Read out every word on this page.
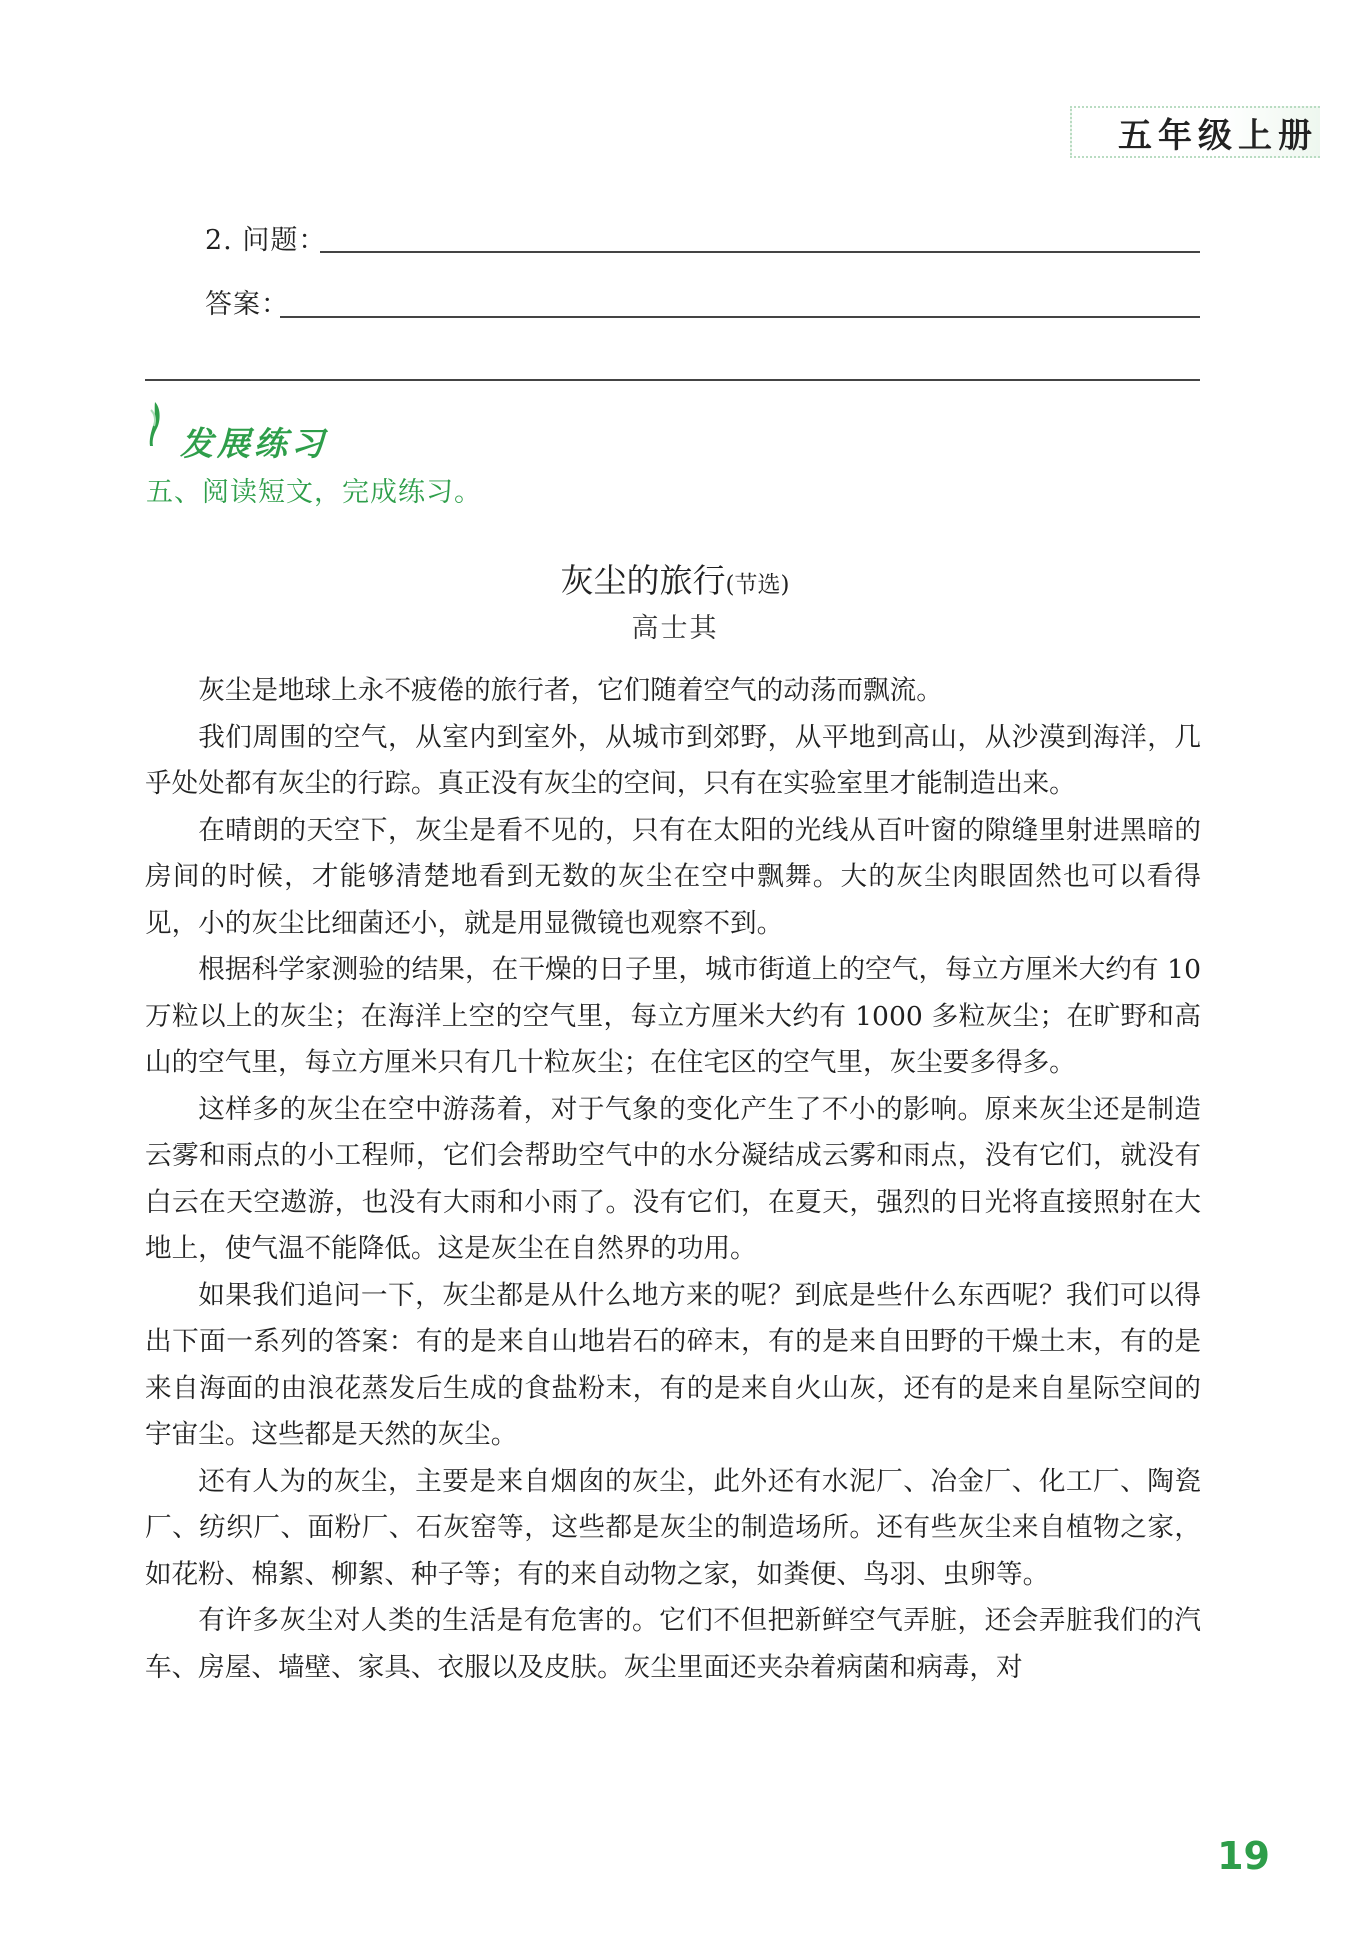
五年级上册
2. 问题：
答案：
发展练习
五、阅读短文，完成练习。
灰尘的旅行(节选)
高士其

灰尘是地球上永不疲倦的旅行者，它们随着空气的动荡而飘流。

我们周围的空气，从室内到室外，从城市到郊野，从平地到高山，从沙漠到海洋，几乎处处都有灰尘的行踪。真正没有灰尘的空间，只有在实验室里才能制造出来。

在晴朗的天空下，灰尘是看不见的，只有在太阳的光线从百叶窗的隙缝里射进黑暗的房间的时候，才能够清楚地看到无数的灰尘在空中飘舞。大的灰尘肉眼固然也可以看得见，小的灰尘比细菌还小，就是用显微镜也观察不到。

根据科学家测验的结果，在干燥的日子里，城市街道上的空气，每立方厘米大约有 10 万粒以上的灰尘；在海洋上空的空气里，每立方厘米大约有 1000 多粒灰尘；在旷野和高山的空气里，每立方厘米只有几十粒灰尘；在住宅区的空气里，灰尘要多得多。

这样多的灰尘在空中游荡着，对于气象的变化产生了不小的影响。原来灰尘还是制造云雾和雨点的小工程师，它们会帮助空气中的水分凝结成云雾和雨点，没有它们，就没有白云在天空遨游，也没有大雨和小雨了。没有它们，在夏天，强烈的日光将直接照射在大地上，使气温不能降低。这是灰尘在自然界的功用。

如果我们追问一下，灰尘都是从什么地方来的呢？到底是些什么东西呢？我们可以得出下面一系列的答案：有的是来自山地岩石的碎末，有的是来自田野的干燥土末，有的是来自海面的由浪花蒸发后生成的食盐粉末，有的是来自火山灰，还有的是来自星际空间的宇宙尘。这些都是天然的灰尘。

还有人为的灰尘，主要是来自烟囱的灰尘，此外还有水泥厂、冶金厂、化工厂、陶瓷厂、纺织厂、面粉厂、石灰窑等，这些都是灰尘的制造场所。还有些灰尘来自植物之家，如花粉、棉絮、柳絮、种子等；有的来自动物之家，如粪便、鸟羽、虫卵等。

有许多灰尘对人类的生活是有危害的。它们不但把新鲜空气弄脏，还会弄脏我们的汽车、房屋、墙壁、家具、衣服以及皮肤。灰尘里面还夹杂着病菌和病毒，对

19
